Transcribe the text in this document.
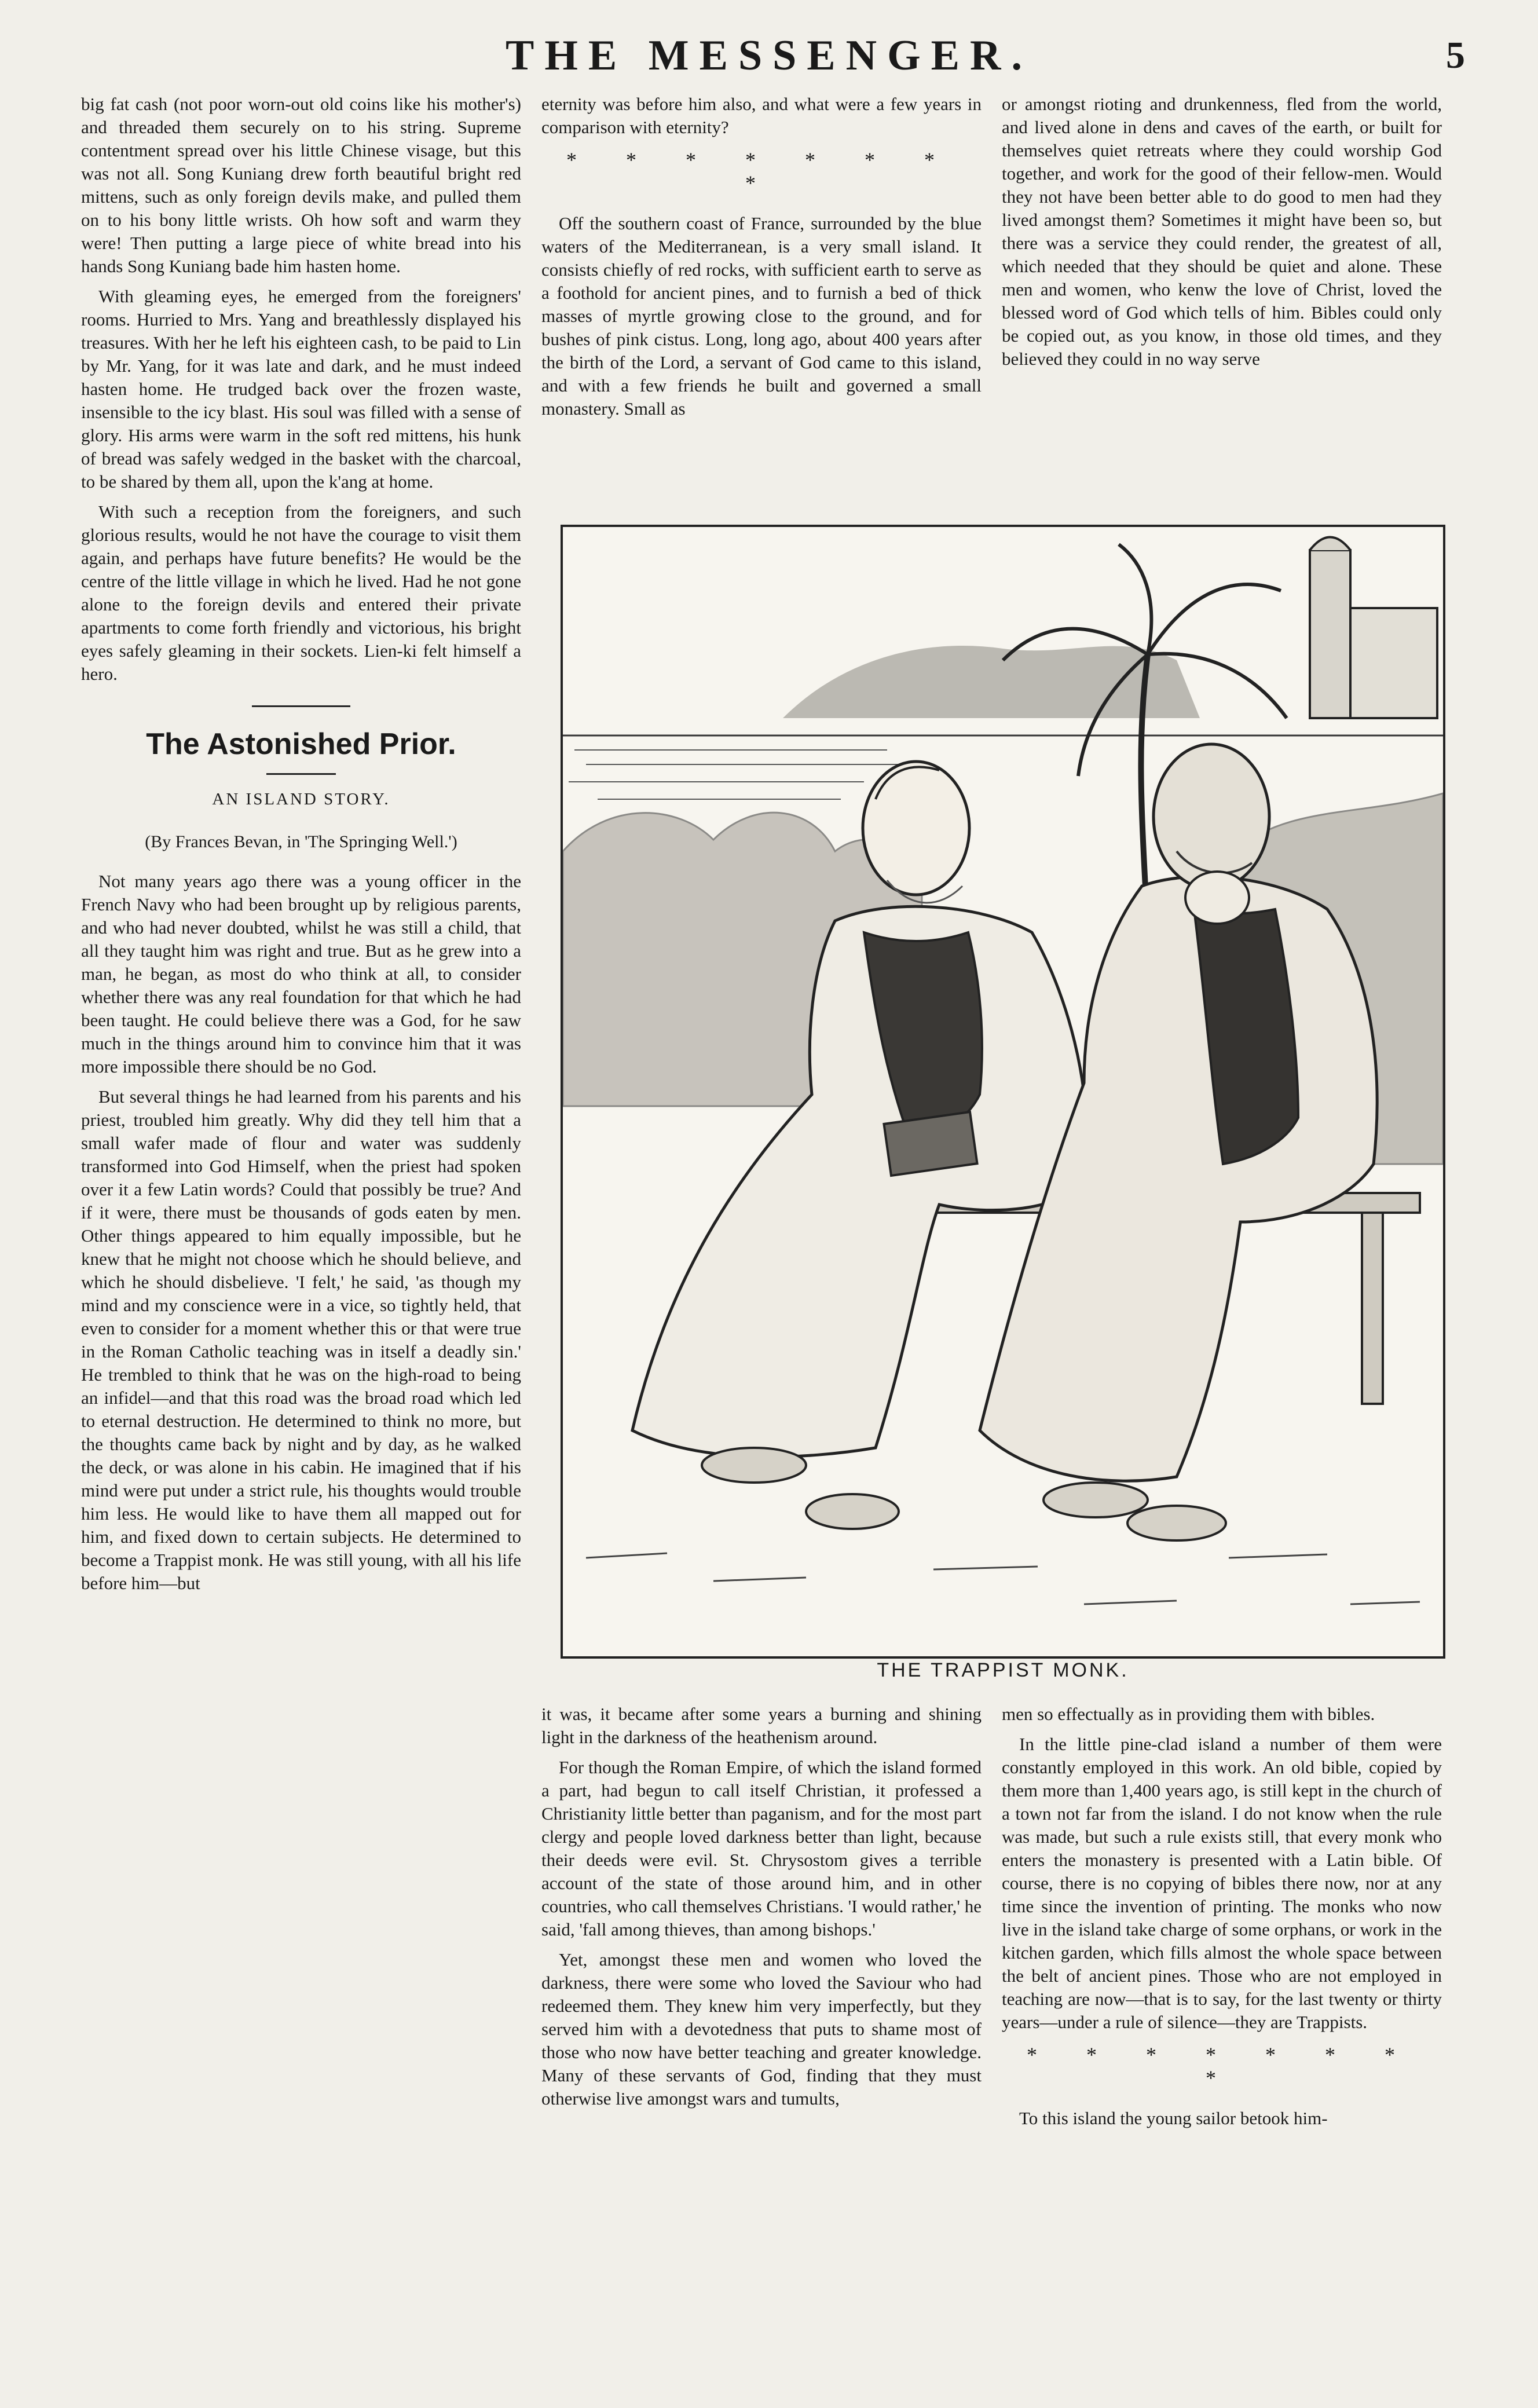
THE MESSENGER.	5

big fat cash (not poor worn-out old coins like his mother's) and threaded them securely on to his string. Supreme contentment spread over his little Chinese visage, but this was not all. Song Kuniang drew forth beautiful bright red mittens, such as only foreign devils make, and pulled them on to his bony little wrists. Oh how soft and warm they were! Then putting a large piece of white bread into his hands Song Kuniang bade him hasten home.

With gleaming eyes, he emerged from the foreigners' rooms. Hurried to Mrs. Yang and breathlessly displayed his treasures. With her he left his eighteen cash, to be paid to Lin by Mr. Yang, for it was late and dark, and he must indeed hasten home. He trudged back over the frozen waste, insensible to the icy blast. His soul was filled with a sense of glory. His arms were warm in the soft red mittens, his hunk of bread was safely wedged in the basket with the charcoal, to be shared by them all, upon the k'ang at home.

With such a reception from the foreigners, and such glorious results, would he not have the courage to visit them again, and perhaps have future benefits? He would be the centre of the little village in which he lived. Had he not gone alone to the foreign devils and entered their private apartments to come forth friendly and victorious, his bright eyes safely gleaming in their sockets. Lien-ki felt himself a hero.

The Astonished Prior.
AN ISLAND STORY.
(By Frances Bevan, in 'The Springing Well.')

Not many years ago there was a young officer in the French Navy who had been brought up by religious parents, and who had never doubted, whilst he was still a child, that all they taught him was right and true. But as he grew into a man, he began, as most do who think at all, to consider whether there was any real foundation for that which he had been taught. He could believe there was a God, for he saw much in the things around him to convince him that it was more impossible there should be no God.

But several things he had learned from his parents and his priest, troubled him greatly. Why did they tell him that a small wafer made of flour and water was suddenly transformed into God Himself, when the priest had spoken over it a few Latin words? Could that possibly be true? And if it were, there must be thousands of gods eaten by men. Other things appeared to him equally impossible, but he knew that he might not choose which he should believe, and which he should disbelieve. 'I felt,' he said, 'as though my mind and my conscience were in a vice, so tightly held, that even to consider for a moment whether this or that were true in the Roman Catholic teaching was in itself a deadly sin.' He trembled to think that he was on the high-road to being an infidel—and that this road was the broad road which led to eternal destruction. He determined to think no more, but the thoughts came back by night and by day, as he walked the deck, or was alone in his cabin. He imagined that if his mind were put under a strict rule, his thoughts would trouble him less. He would like to have them all mapped out for him, and fixed down to certain subjects. He determined to become a Trappist monk. He was still young, with all his life before him—but

eternity was before him also, and what were a few years in comparison with eternity?

* * * * * * * *

Off the southern coast of France, surrounded by the blue waters of the Mediterranean, is a very small island. It consists chiefly of red rocks, with sufficient earth to serve as a foothold for ancient pines, and to furnish a bed of thick masses of myrtle growing close to the ground, and for bushes of pink cistus. Long, long ago, about 400 years after the birth of the Lord, a servant of God came to this island, and with a few friends he built and governed a small monastery. Small as

or amongst rioting and drunkenness, fled from the world, and lived alone in dens and caves of the earth, or built for themselves quiet retreats where they could worship God together, and work for the good of their fellow-men. Would they not have been better able to do good to men had they lived amongst them? Sometimes it might have been so, but there was a service they could render, the greatest of all, which needed that they should be quiet and alone. These men and women, who kenw the love of Christ, loved the blessed word of God which tells of him. Bibles could only be copied out, as you know, in those old times, and they believed they could in no way serve

THE TRAPPIST MONK.

it was, it became after some years a burning and shining light in the darkness of the heathenism around.

For though the Roman Empire, of which the island formed a part, had begun to call itself Christian, it professed a Christianity little better than paganism, and for the most part clergy and people loved darkness better than light, because their deeds were evil. St. Chrysostom gives a terrible account of the state of those around him, and in other countries, who call themselves Christians. 'I would rather,' he said, 'fall among thieves, than among bishops.'

Yet, amongst these men and women who loved the darkness, there were some who loved the Saviour who had redeemed them. They knew him very imperfectly, but they served him with a devotedness that puts to shame most of those who now have better teaching and greater knowledge. Many of these servants of God, finding that they must otherwise live amongst wars and tumults,

men so effectually as in providing them with bibles.

In the little pine-clad island a number of them were constantly employed in this work. An old bible, copied by them more than 1,400 years ago, is still kept in the church of a town not far from the island. I do not know when the rule was made, but such a rule exists still, that every monk who enters the monastery is presented with a Latin bible. Of course, there is no copying of bibles there now, nor at any time since the invention of printing. The monks who now live in the island take charge of some orphans, or work in the kitchen garden, which fills almost the whole space between the belt of ancient pines. Those who are not employed in teaching are now—that is to say, for the last twenty or thirty years—under a rule of silence—they are Trappists.

* * * * * * * *

To this island the young sailor betook him-
